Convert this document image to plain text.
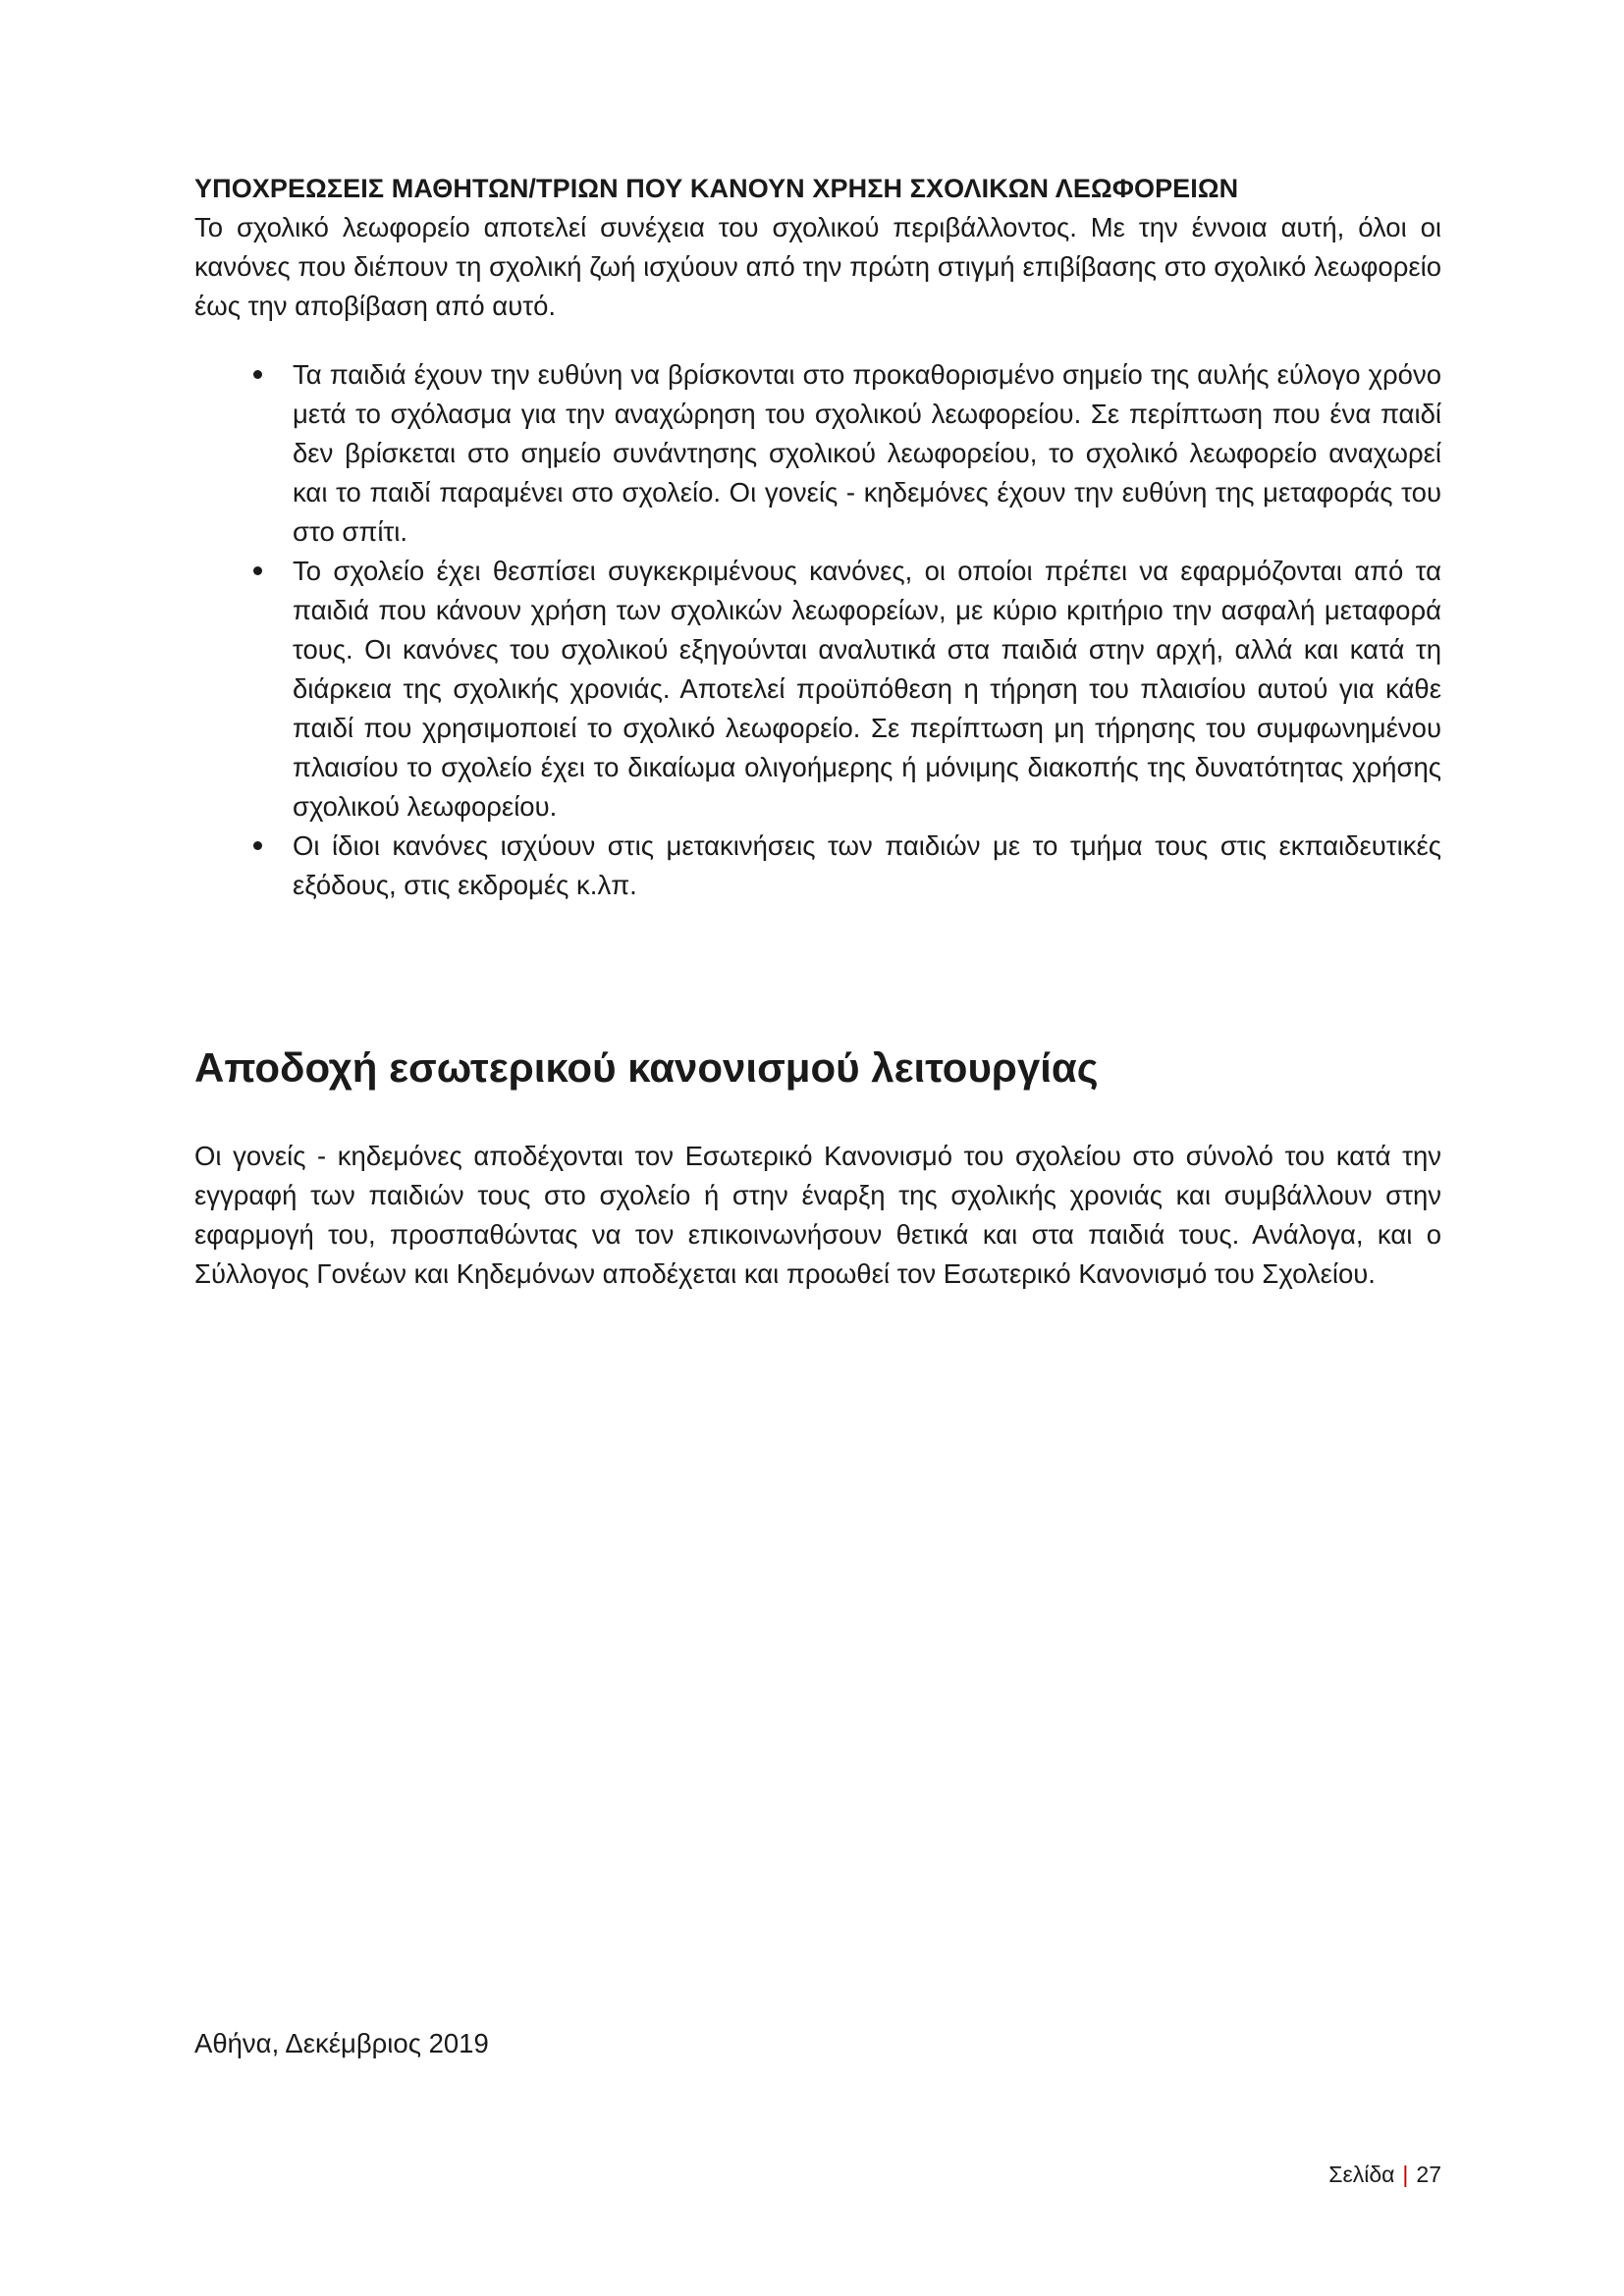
ΥΠΟΧΡΕΩΣΕΙΣ ΜΑΘΗΤΩΝ/ΤΡΙΩΝ ΠΟΥ ΚΑΝΟΥΝ ΧΡΗΣΗ ΣΧΟΛΙΚΩΝ ΛΕΩΦΟΡΕΙΩΝ

Το σχολικό λεωφορείο αποτελεί συνέχεια του σχολικού περιβάλλοντος. Με την έννοια αυτή, όλοι οι κανόνες που διέπουν τη σχολική ζωή ισχύουν από την πρώτη στιγμή επιβίβασης στο σχολικό λεωφορείο έως την αποβίβαση από αυτό.

Τα παιδιά έχουν την ευθύνη να βρίσκονται στο προκαθορισμένο σημείο της αυλής εύλογο χρόνο μετά το σχόλασμα για την αναχώρηση του σχολικού λεωφορείου. Σε περίπτωση που ένα παιδί δεν βρίσκεται στο σημείο συνάντησης σχολικού λεωφορείου, το σχολικό λεωφορείο αναχωρεί και το παιδί παραμένει στο σχολείο. Οι γονείς - κηδεμόνες έχουν την ευθύνη της μεταφοράς του στο σπίτι.
Το σχολείο έχει θεσπίσει συγκεκριμένους κανόνες, οι οποίοι πρέπει να εφαρμόζονται από τα παιδιά που κάνουν χρήση των σχολικών λεωφορείων, με κύριο κριτήριο την ασφαλή μεταφορά τους. Οι κανόνες του σχολικού εξηγούνται αναλυτικά στα παιδιά στην αρχή, αλλά και κατά τη διάρκεια της σχολικής χρονιάς. Αποτελεί προϋπόθεση η τήρηση του πλαισίου αυτού για κάθε παιδί που χρησιμοποιεί το σχολικό λεωφορείο. Σε περίπτωση μη τήρησης του συμφωνημένου πλαισίου το σχολείο έχει το δικαίωμα ολιγοήμερης ή μόνιμης διακοπής της δυνατότητας χρήσης σχολικού λεωφορείου.
Οι ίδιοι κανόνες ισχύουν στις μετακινήσεις των παιδιών με το τμήμα τους στις εκπαιδευτικές εξόδους, στις εκδρομές κ.λπ.
Αποδοχή εσωτερικού κανονισμού λειτουργίας

Οι γονείς - κηδεμόνες αποδέχονται τον Εσωτερικό Κανονισμό του σχολείου στο σύνολό του κατά την εγγραφή των παιδιών τους στο σχολείο ή στην έναρξη της σχολικής χρονιάς και συμβάλλουν στην εφαρμογή του, προσπαθώντας να τον επικοινωνήσουν θετικά και στα παιδιά τους. Ανάλογα, και ο Σύλλογος Γονέων και Κηδεμόνων αποδέχεται και προωθεί τον Εσωτερικό Κανονισμό του Σχολείου.

Αθήνα, Δεκέμβριος 2019
Σελίδα | 27
